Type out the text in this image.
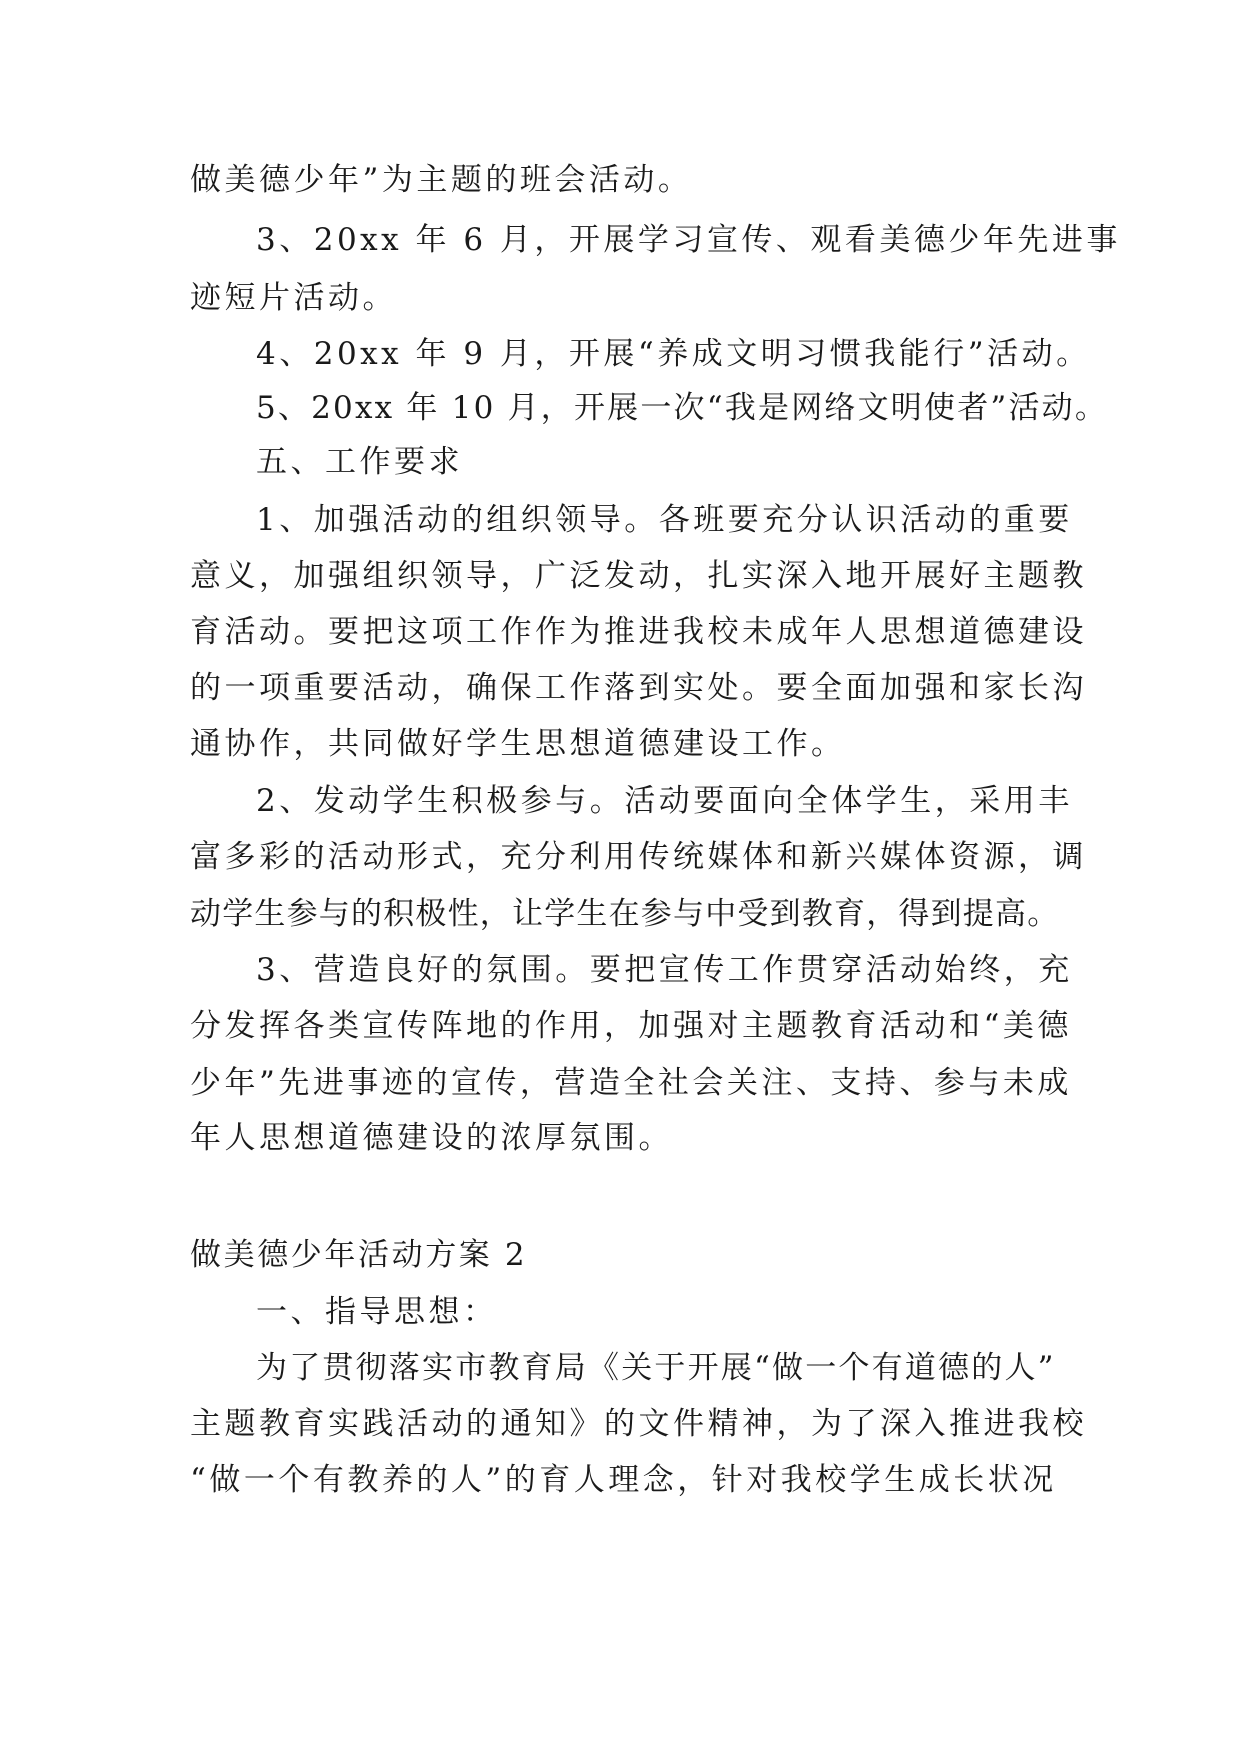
做美德少年”为主题的班会活动。
3、20xx 年 6 月，开展学习宣传、观看美德少年先进事
迹短片活动。
4、20xx 年 9 月，开展“养成文明习惯我能行”活动。
5、20xx 年 10 月，开展一次“我是网络文明使者”活动。
五、工作要求
1、加强活动的组织领导。各班要充分认识活动的重要
意义，加强组织领导，广泛发动，扎实深入地开展好主题教
育活动。要把这项工作作为推进我校未成年人思想道德建设
的一项重要活动，确保工作落到实处。要全面加强和家长沟
通协作，共同做好学生思想道德建设工作。
2、发动学生积极参与。活动要面向全体学生，采用丰
富多彩的活动形式，充分利用传统媒体和新兴媒体资源，调
动学生参与的积极性，让学生在参与中受到教育，得到提高。
3、营造良好的氛围。要把宣传工作贯穿活动始终，充
分发挥各类宣传阵地的作用，加强对主题教育活动和“美德
少年”先进事迹的宣传，营造全社会关注、支持、参与未成
年人思想道德建设的浓厚氛围。
做美德少年活动方案 2
一、指导思想：
为了贯彻落实市教育局《关于开展“做一个有道德的人”
主题教育实践活动的通知》的文件精神，为了深入推进我校
“做一个有教养的人”的育人理念，针对我校学生成长状况
